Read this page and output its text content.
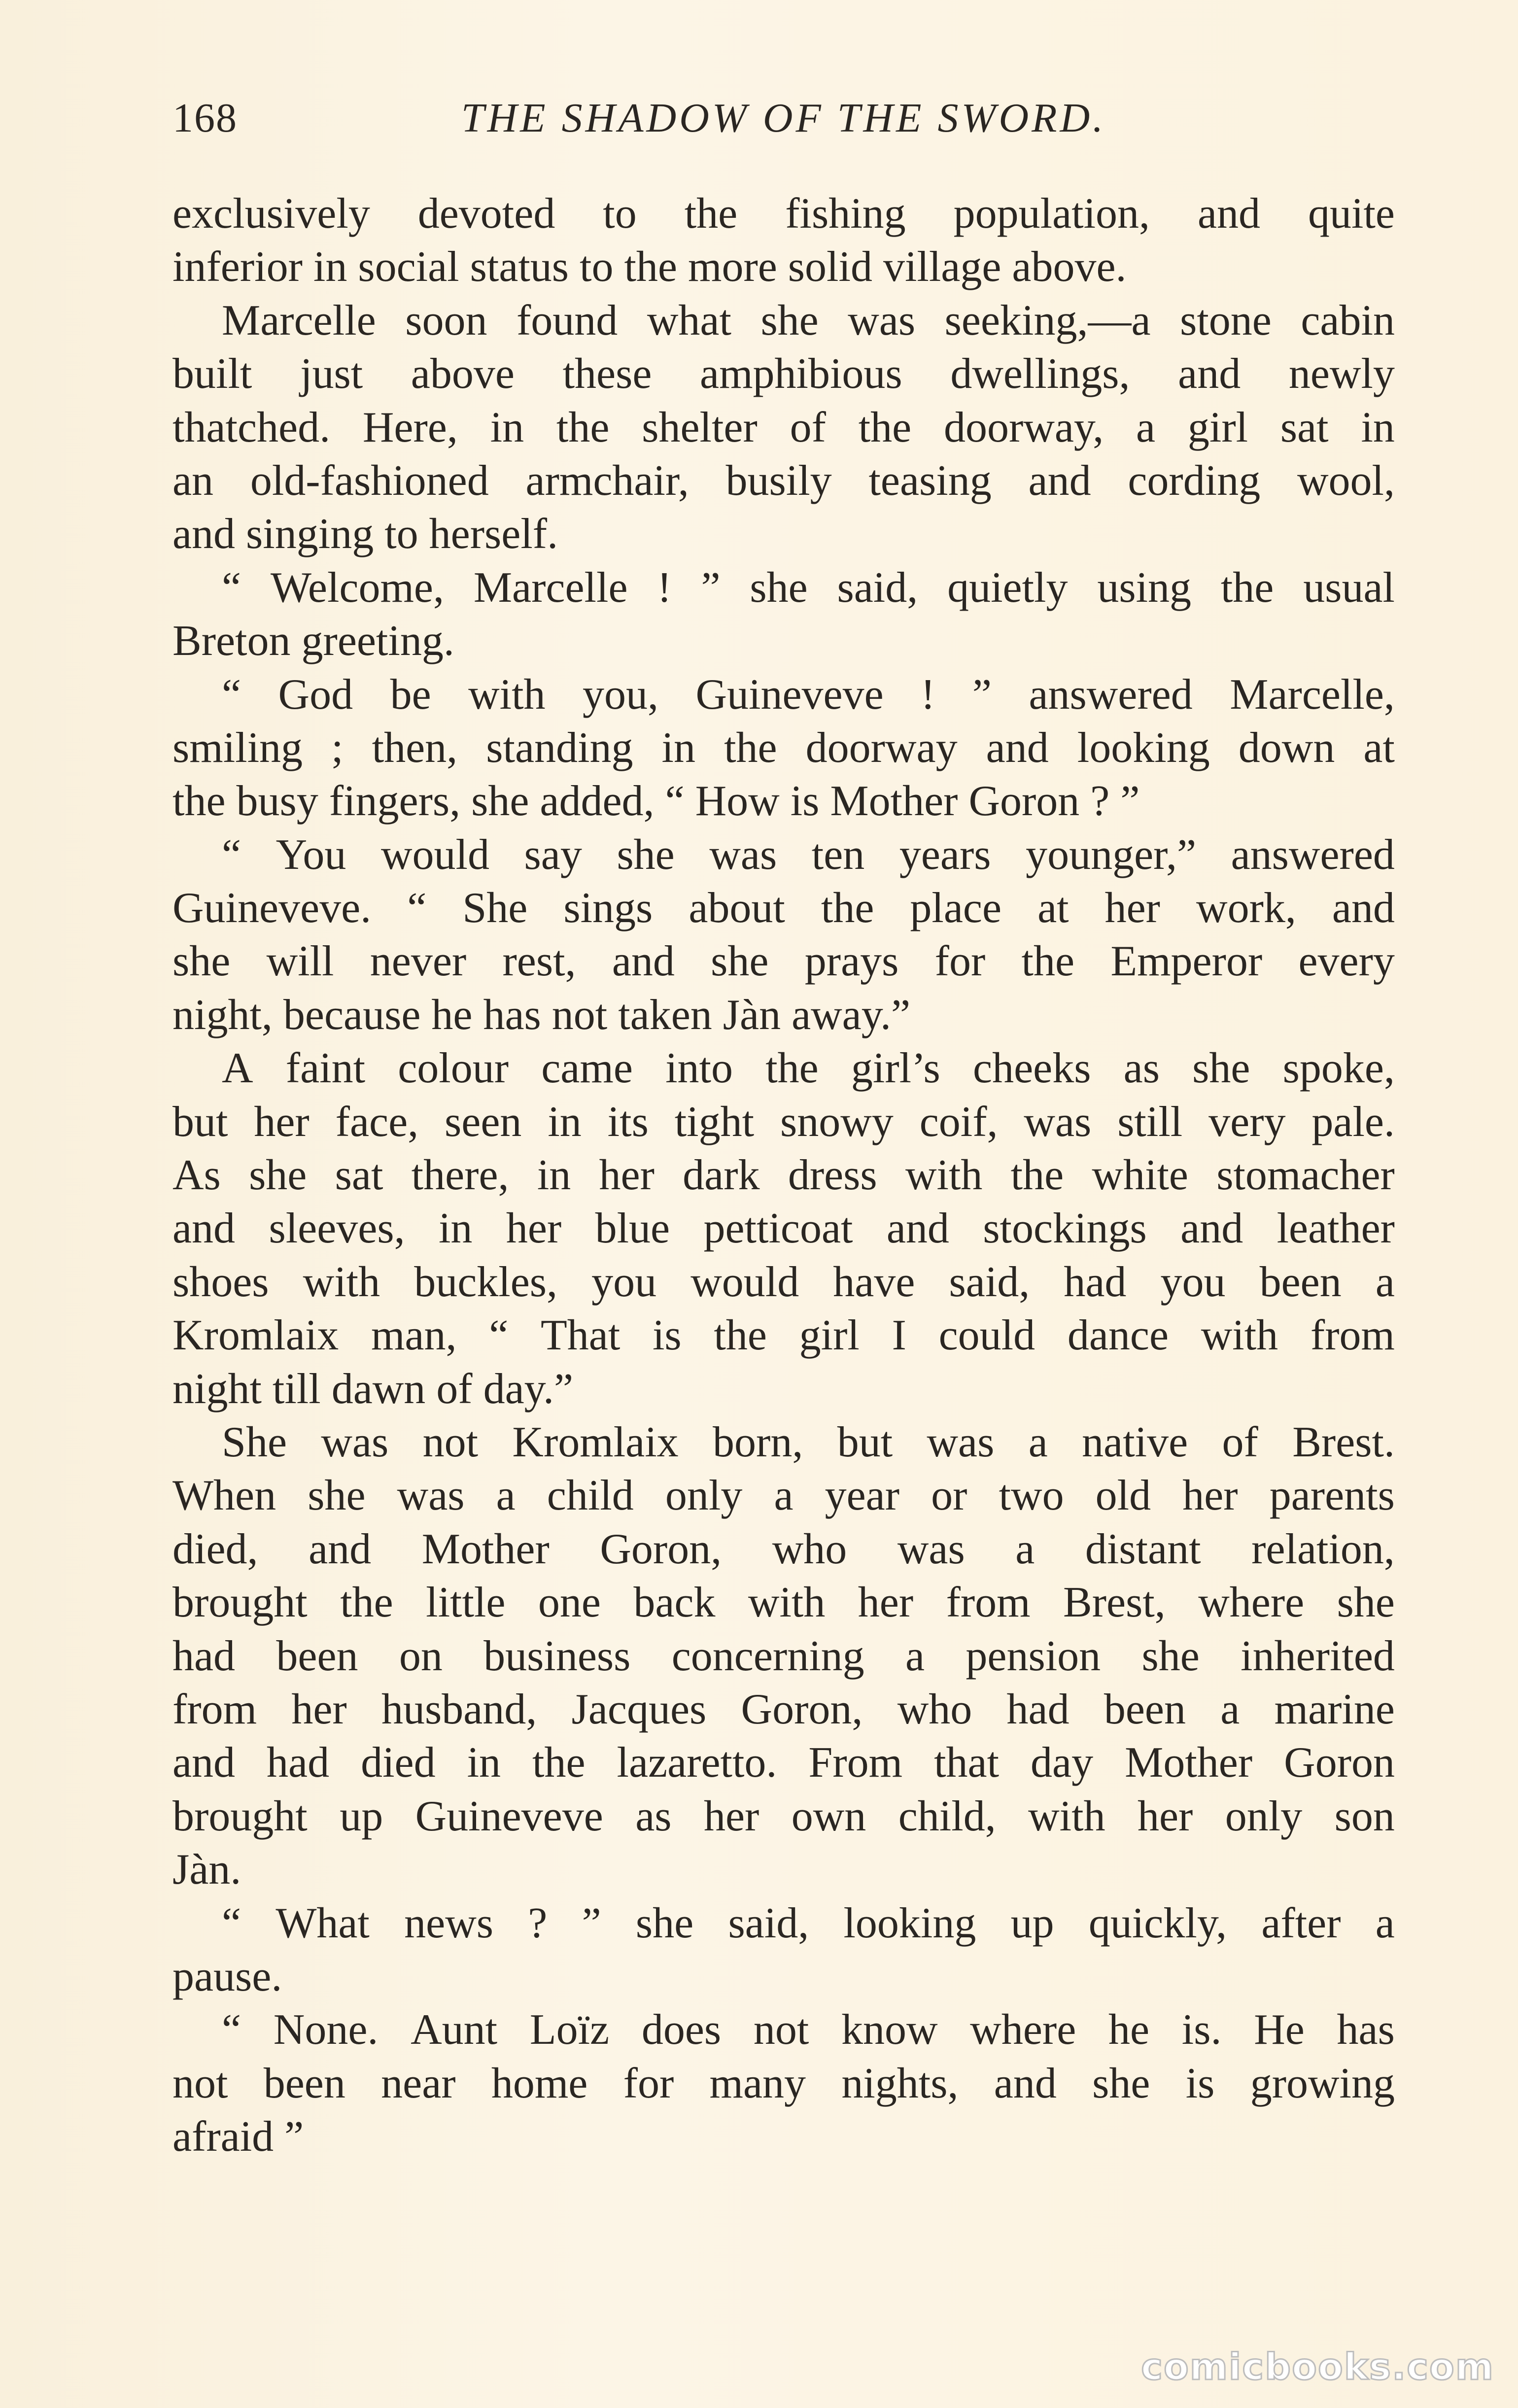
168	THE SHADOW OF THE SWORD.
exclusively devoted to the fishing population, and quite
inferior in social status to the more solid village above.
Marcelle soon found what she was seeking,—a stone cabin
built just above these amphibious dwellings, and newly
thatched. Here, in the shelter of the doorway, a girl sat in
an old-fashioned armchair, busily teasing and cording wool,
and singing to herself.
“ Welcome, Marcelle ! ” she said, quietly using the usual
Breton greeting.
“ God be with you, Guineveve ! ” answered Marcelle,
smiling ; then, standing in the doorway and looking down at
the busy fingers, she added, “ How is Mother Goron ? ”
“ You would say she was ten years younger,” answered
Guineveve. “ She sings about the place at her work, and
she will never rest, and she prays for the Emperor every
night, because he has not taken Jàn away.”
A faint colour came into the girl’s cheeks as she spoke,
but her face, seen in its tight snowy coif, was still very pale.
As she sat there, in her dark dress with the white stomacher
and sleeves, in her blue petticoat and stockings and leather
shoes with buckles, you would have said, had you been a
Kromlaix man, “ That is the girl I could dance with from
night till dawn of day.”
She was not Kromlaix born, but was a native of Brest.
When she was a child only a year or two old her parents
died, and Mother Goron, who was a distant relation,
brought the little one back with her from Brest, where she
had been on business concerning a pension she inherited
from her husband, Jacques Goron, who had been a marine
and had died in the lazaretto. From that day Mother Goron
brought up Guineveve as her own child, with her only son
Jàn.
“ What news ? ” she said, looking up quickly, after a
pause.
“ None. Aunt Loïz does not know where he is. He has
not been near home for many nights, and she is growing
afraid ”
comicbooks.com
